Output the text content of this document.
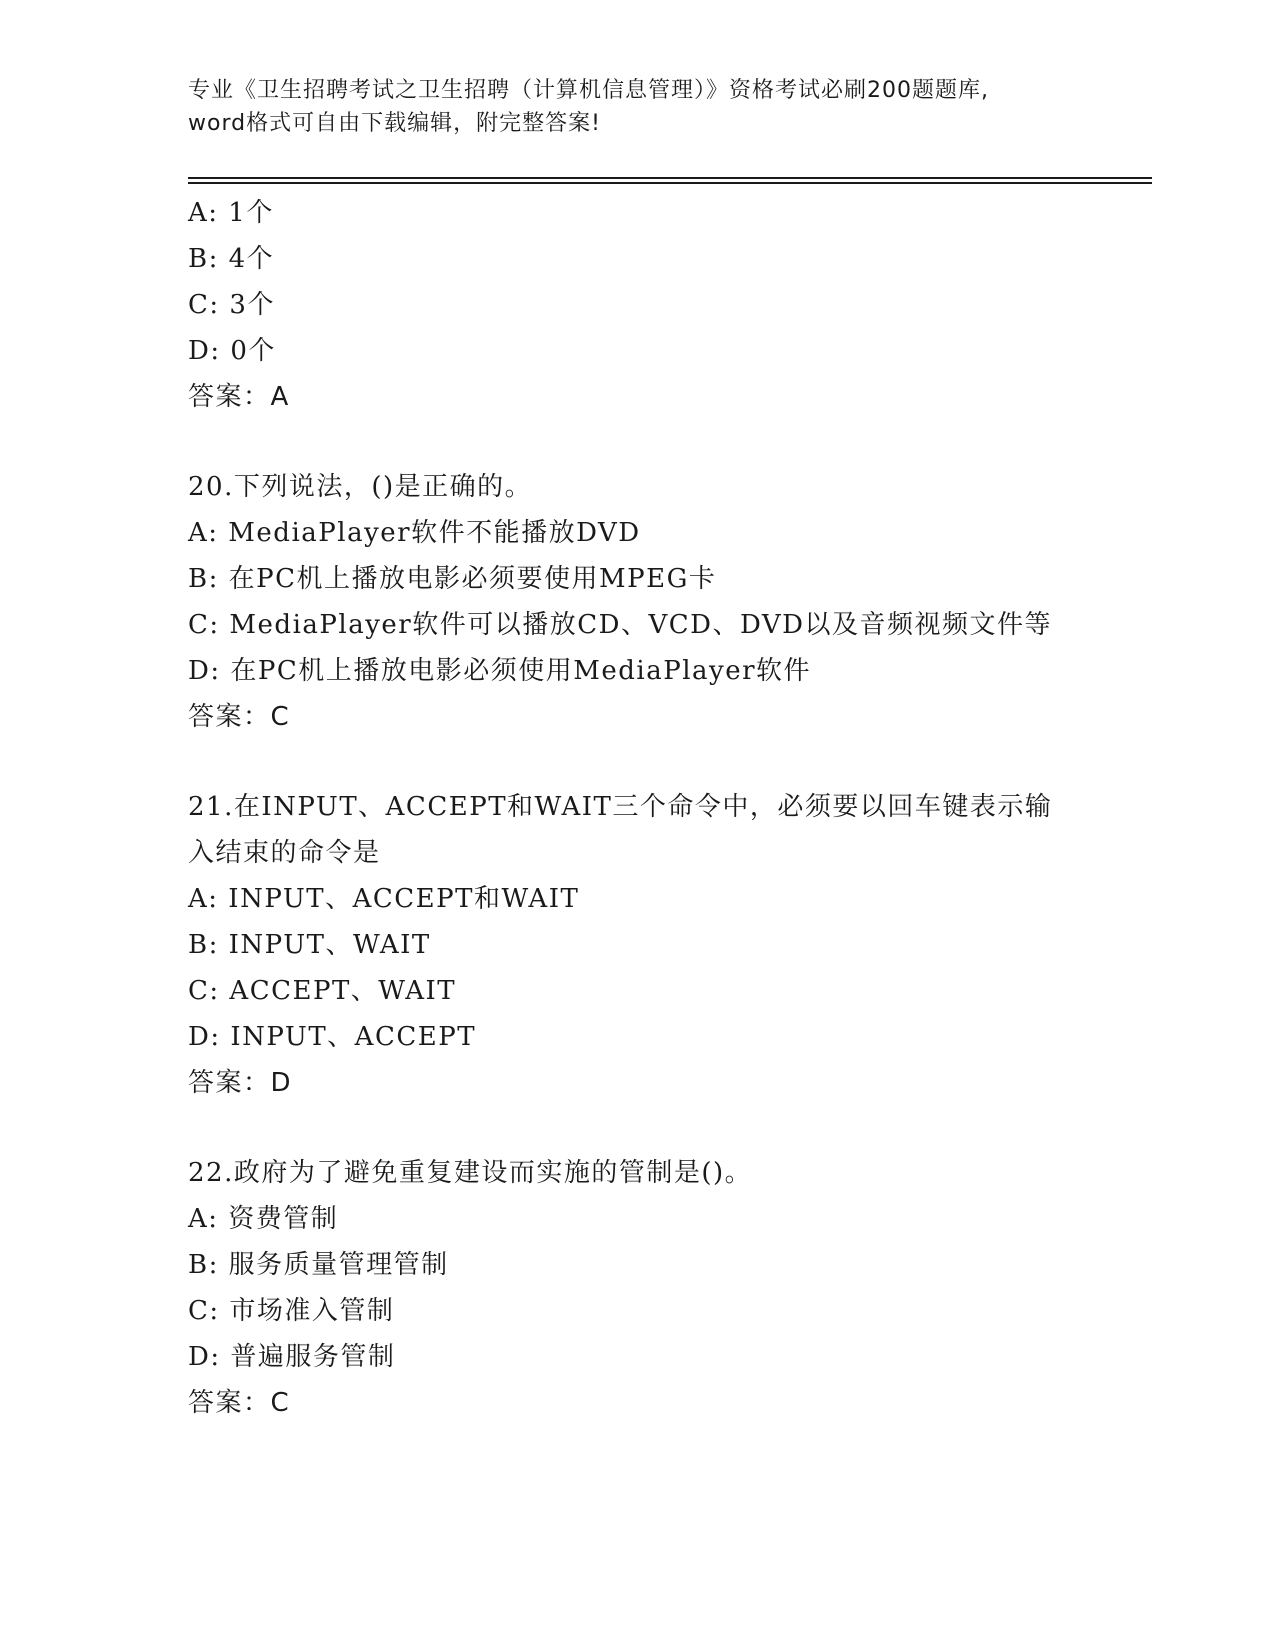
专业《卫生招聘考试之卫生招聘（计算机信息管理）》资格考试必刷200题题库,
word格式可自由下载编辑，附完整答案!
A: 1个
B: 4个
C: 3个
D: 0个
答案：A
20.下列说法，()是正确的。
A: MediaPlayer软件不能播放DVD
B: 在PC机上播放电影必须要使用MPEG卡
C: MediaPlayer软件可以播放CD、VCD、DVD以及音频视频文件等
D: 在PC机上播放电影必须使用MediaPlayer软件
答案：C
21.在INPUT、ACCEPT和WAIT三个命令中，必须要以回车键表示输入结束的命令是
A: INPUT、ACCEPT和WAIT
B: INPUT、WAIT
C: ACCEPT、WAIT
D: INPUT、ACCEPT
答案：D
22.政府为了避免重复建设而实施的管制是()。
A: 资费管制
B: 服务质量管理管制
C: 市场准入管制
D: 普遍服务管制
答案：C
